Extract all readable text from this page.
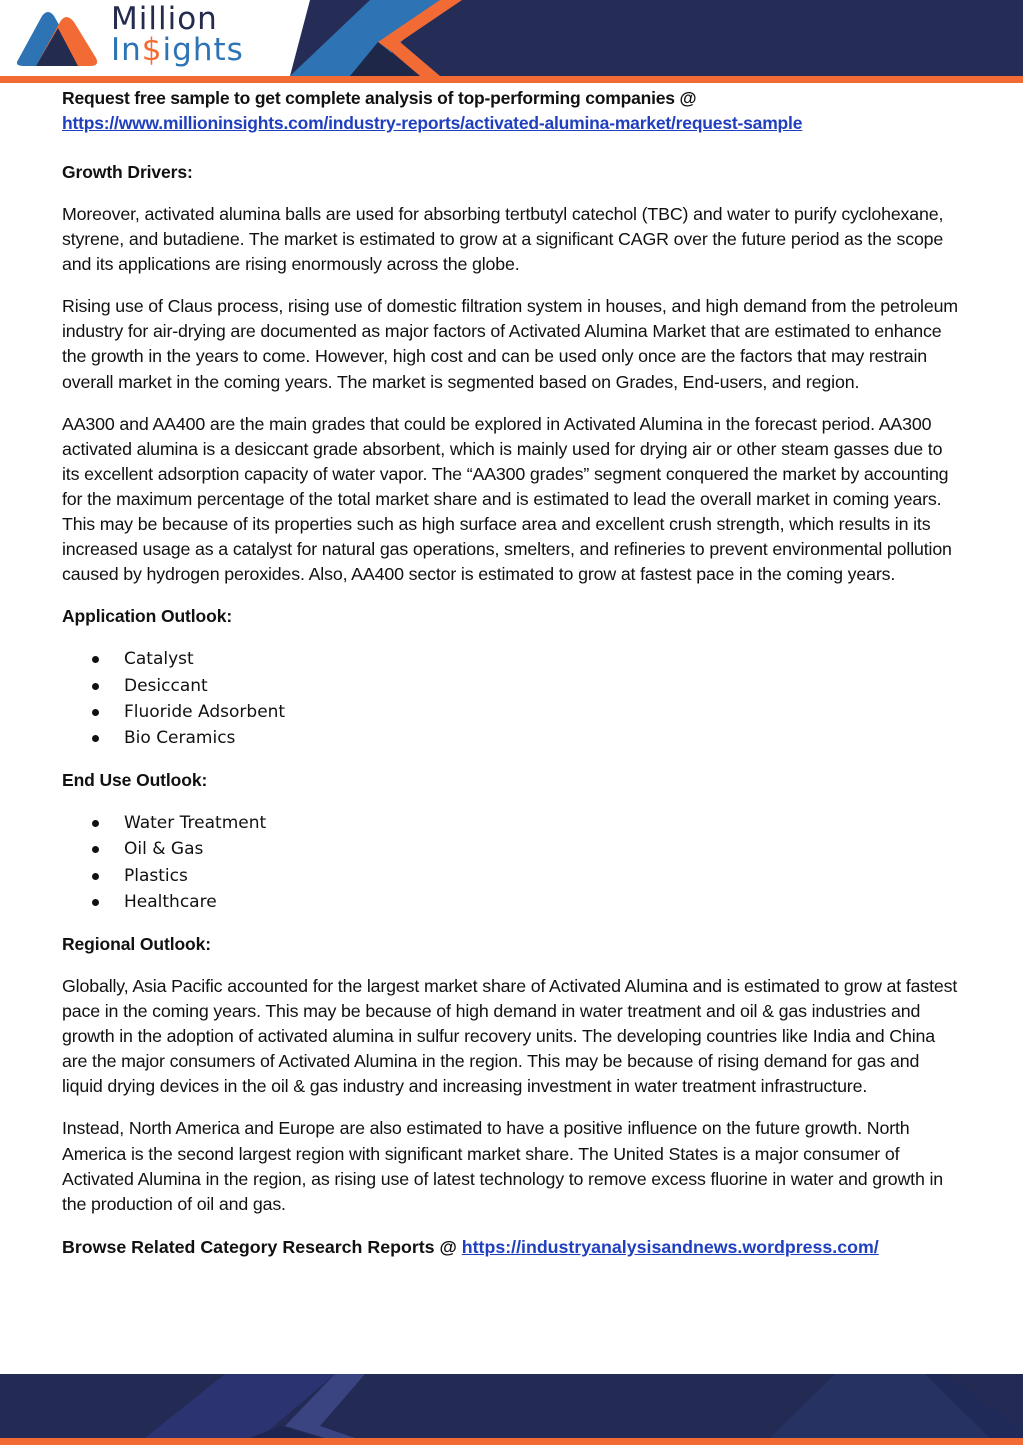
Million
In$ights
Request free sample to get complete analysis of top-performing companies @
https://www.millioninsights.com/industry-reports/activated-alumina-market/request-sample
Growth Drivers:

Moreover, activated alumina balls are used for absorbing tertbutyl catechol (TBC) and water to purify cyclohexane, styrene, and butadiene. The market is estimated to grow at a significant CAGR over the future period as the scope and its applications are rising enormously across the globe.

Rising use of Claus process, rising use of domestic filtration system in houses, and high demand from the petroleum industry for air-drying are documented as major factors of Activated Alumina Market that are estimated to enhance the growth in the years to come. However, high cost and can be used only once are the factors that may restrain overall market in the coming years. The market is segmented based on Grades, End-users, and region.

AA300 and AA400 are the main grades that could be explored in Activated Alumina in the forecast period. AA300 activated alumina is a desiccant grade absorbent, which is mainly used for drying air or other steam gasses due to its excellent adsorption capacity of water vapor. The “AA300 grades” segment conquered the market by accounting for the maximum percentage of the total market share and is estimated to lead the overall market in coming years. This may be because of its properties such as high surface area and excellent crush strength, which results in its increased usage as a catalyst for natural gas operations, smelters, and refineries to prevent environmental pollution caused by hydrogen peroxides. Also, AA400 sector is estimated to grow at fastest pace in the coming years.

Application Outlook:
Catalyst
Desiccant
Fluoride Adsorbent
Bio Ceramics
End Use Outlook:
Water Treatment
Oil & Gas
Plastics
Healthcare
Regional Outlook:

Globally, Asia Pacific accounted for the largest market share of Activated Alumina and is estimated to grow at fastest pace in the coming years. This may be because of high demand in water treatment and oil & gas industries and growth in the adoption of activated alumina in sulfur recovery units. The developing countries like India and China are the major consumers of Activated Alumina in the region. This may be because of rising demand for gas and liquid drying devices in the oil & gas industry and increasing investment in water treatment infrastructure.

Instead, North America and Europe are also estimated to have a positive influence on the future growth. North America is the second largest region with significant market share. The United States is a major consumer of Activated Alumina in the region, as rising use of latest technology to remove excess fluorine in water and growth in the production of oil and gas.

Browse Related Category Research Reports @ https://industryanalysisandnews.wordpress.com/
